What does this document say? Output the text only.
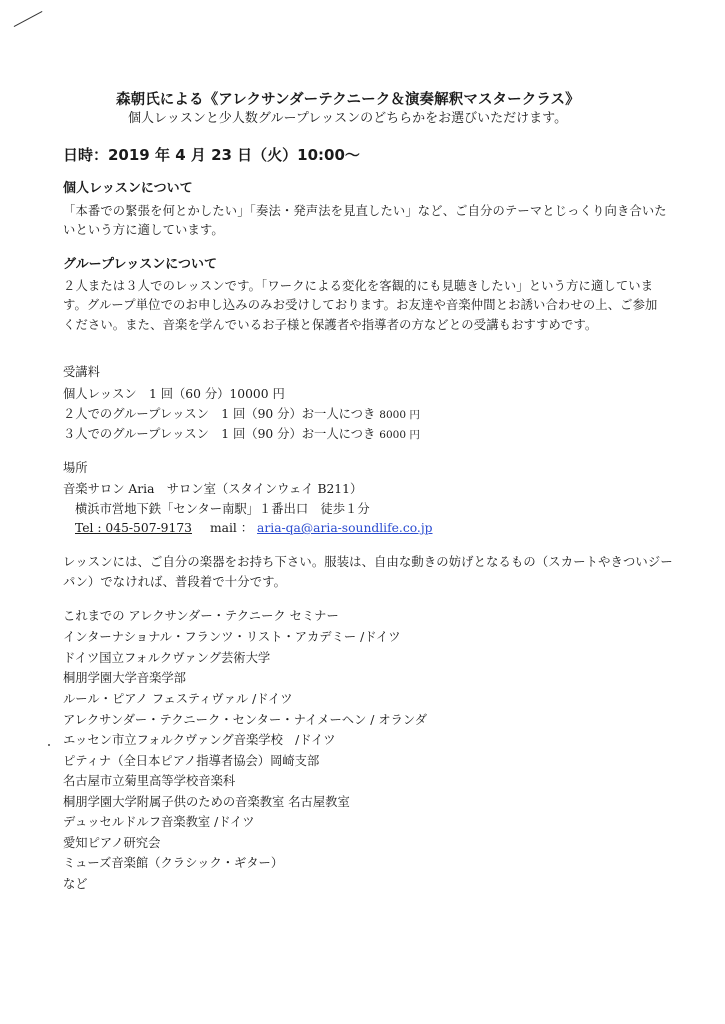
森朝氏による《アレクサンダーテクニーク＆演奏解釈マスタークラス》
個人レッスンと少人数グループレッスンのどちらかをお選びいただけます。
日時：2019 年 4 月 23 日（火）10:00～
個人レッスンについて
「本番での緊張を何とかしたい」「奏法・発声法を見直したい」など、ご自分のテーマとじっくり向き合いた
いという方に適しています。
グループレッスンについて
２人または３人でのレッスンです。「ワークによる変化を客観的にも見聴きしたい」という方に適していま
す。グループ単位でのお申し込みのみお受けしております。お友達や音楽仲間とお誘い合わせの上、ご参加
ください。また、音楽を学んでいるお子様と保護者や指導者の方などとの受講もおすすめです。
受講料
個人レッスン　1 回（60 分）10000 円
２人でのグループレッスン　1 回（90 分）お一人につき 8000 円
３人でのグループレッスン　1 回（90 分）お一人につき 6000 円
場所
音楽サロン Aria　サロン室（スタインウェイ B211）
横浜市営地下鉄「センター南駅」１番出口　徒歩１分
Tel : 045-507-9173 mail ： aria-qa@aria-soundlife.co.jp
レッスンには、ご自分の楽器をお持ち下さい。服装は、自由な動きの妨げとなるもの（スカートやきついジー
パン）でなければ、普段着で十分です。
これまでの アレクサンダー・テクニーク セミナー
インターナショナル・フランツ・リスト・アカデミー /ドイツ
ドイツ国立フォルクヴァング芸術大学
桐朋学園大学音楽学部
ルール・ピアノ フェスティヴァル /ドイツ
アレクサンダー・テクニーク・センター・ナイメーヘン / オランダ
エッセン市立フォルクヴァング音楽学校　/ドイツ
ピティナ（全日本ピアノ指導者協会）岡崎支部
名古屋市立菊里高等学校音楽科
桐朋学園大学附属子供のための音楽教室 名古屋教室
デュッセルドルフ音楽教室 /ドイツ
愛知ピアノ研究会
ミューズ音楽館（クラシック・ギター）
など
